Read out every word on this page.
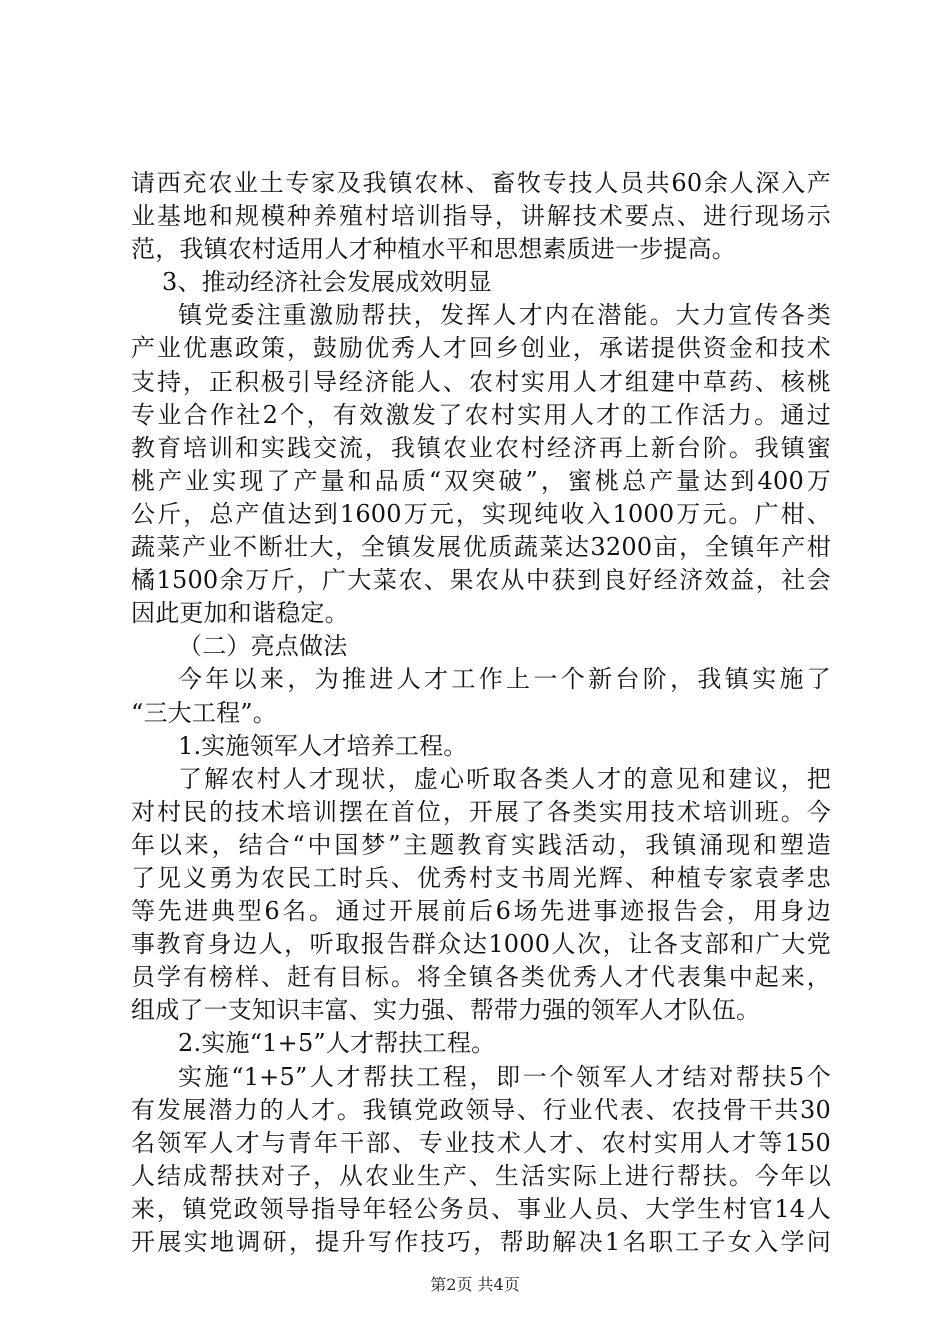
请西充农业土专家及我镇农林、畜牧专技人员共60余人深入产
业基地和规模种养殖村培训指导，讲解技术要点、进行现场示
范，我镇农村适用人才种植水平和思想素质进一步提高。
3、推动经济社会发展成效明显
镇党委注重激励帮扶，发挥人才内在潜能。大力宣传各类
产业优惠政策，鼓励优秀人才回乡创业，承诺提供资金和技术
支持，正积极引导经济能人、农村实用人才组建中草药、核桃
专业合作社2个，有效激发了农村实用人才的工作活力。通过
教育培训和实践交流，我镇农业农村经济再上新台阶。我镇蜜
桃产业实现了产量和品质“双突破”，蜜桃总产量达到400万
公斤，总产值达到1600万元，实现纯收入1000万元。广柑、
蔬菜产业不断壮大，全镇发展优质蔬菜达3200亩，全镇年产柑
橘1500余万斤，广大菜农、果农从中获到良好经济效益，社会
因此更加和谐稳定。
（二）亮点做法
今年以来，为推进人才工作上一个新台阶，我镇实施了
“三大工程”。
1.实施领军人才培养工程。
了解农村人才现状，虚心听取各类人才的意见和建议，把
对村民的技术培训摆在首位，开展了各类实用技术培训班。今
年以来，结合“中国梦”主题教育实践活动，我镇涌现和塑造
了见义勇为农民工时兵、优秀村支书周光辉、种植专家袁孝忠
等先进典型6名。通过开展前后6场先进事迹报告会，用身边
事教育身边人，听取报告群众达1000人次，让各支部和广大党
员学有榜样、赶有目标。将全镇各类优秀人才代表集中起来，
组成了一支知识丰富、实力强、帮带力强的领军人才队伍。
2.实施“1+5”人才帮扶工程。
实施“1+5”人才帮扶工程，即一个领军人才结对帮扶5个
有发展潜力的人才。我镇党政领导、行业代表、农技骨干共30
名领军人才与青年干部、专业技术人才、农村实用人才等150
人结成帮扶对子，从农业生产、生活实际上进行帮扶。今年以
来，镇党政领导指导年轻公务员、事业人员、大学生村官14人
开展实地调研，提升写作技巧，帮助解决1名职工子女入学问
第2页 共4页
